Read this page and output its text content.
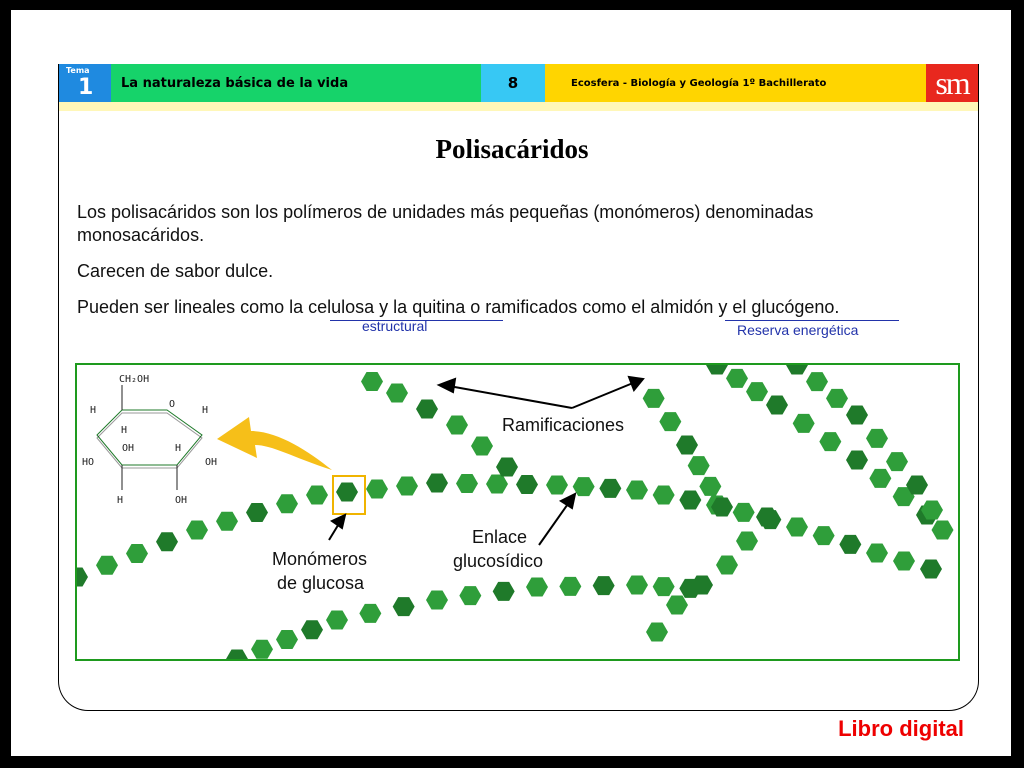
Tema
1	La naturaleza básica de la vida	8	Ecosfera - Biología y Geología 1º Bachillerato	sm
Polisacáridos
Los polisacáridos son los polímeros de unidades más pequeñas (monómeros) denominadas monosacáridos.
Carecen de sabor dulce.
Pueden ser lineales como la celulosa y la quitina o ramificados como el almidón y el glucógeno.
estructural	Reserva energética
CH₂OH
O
H	H
H
OH	H
HO	OH
H	OH
Ramificaciones
Enlace
glucosídico
Monómeros
de glucosa
Libro digital
